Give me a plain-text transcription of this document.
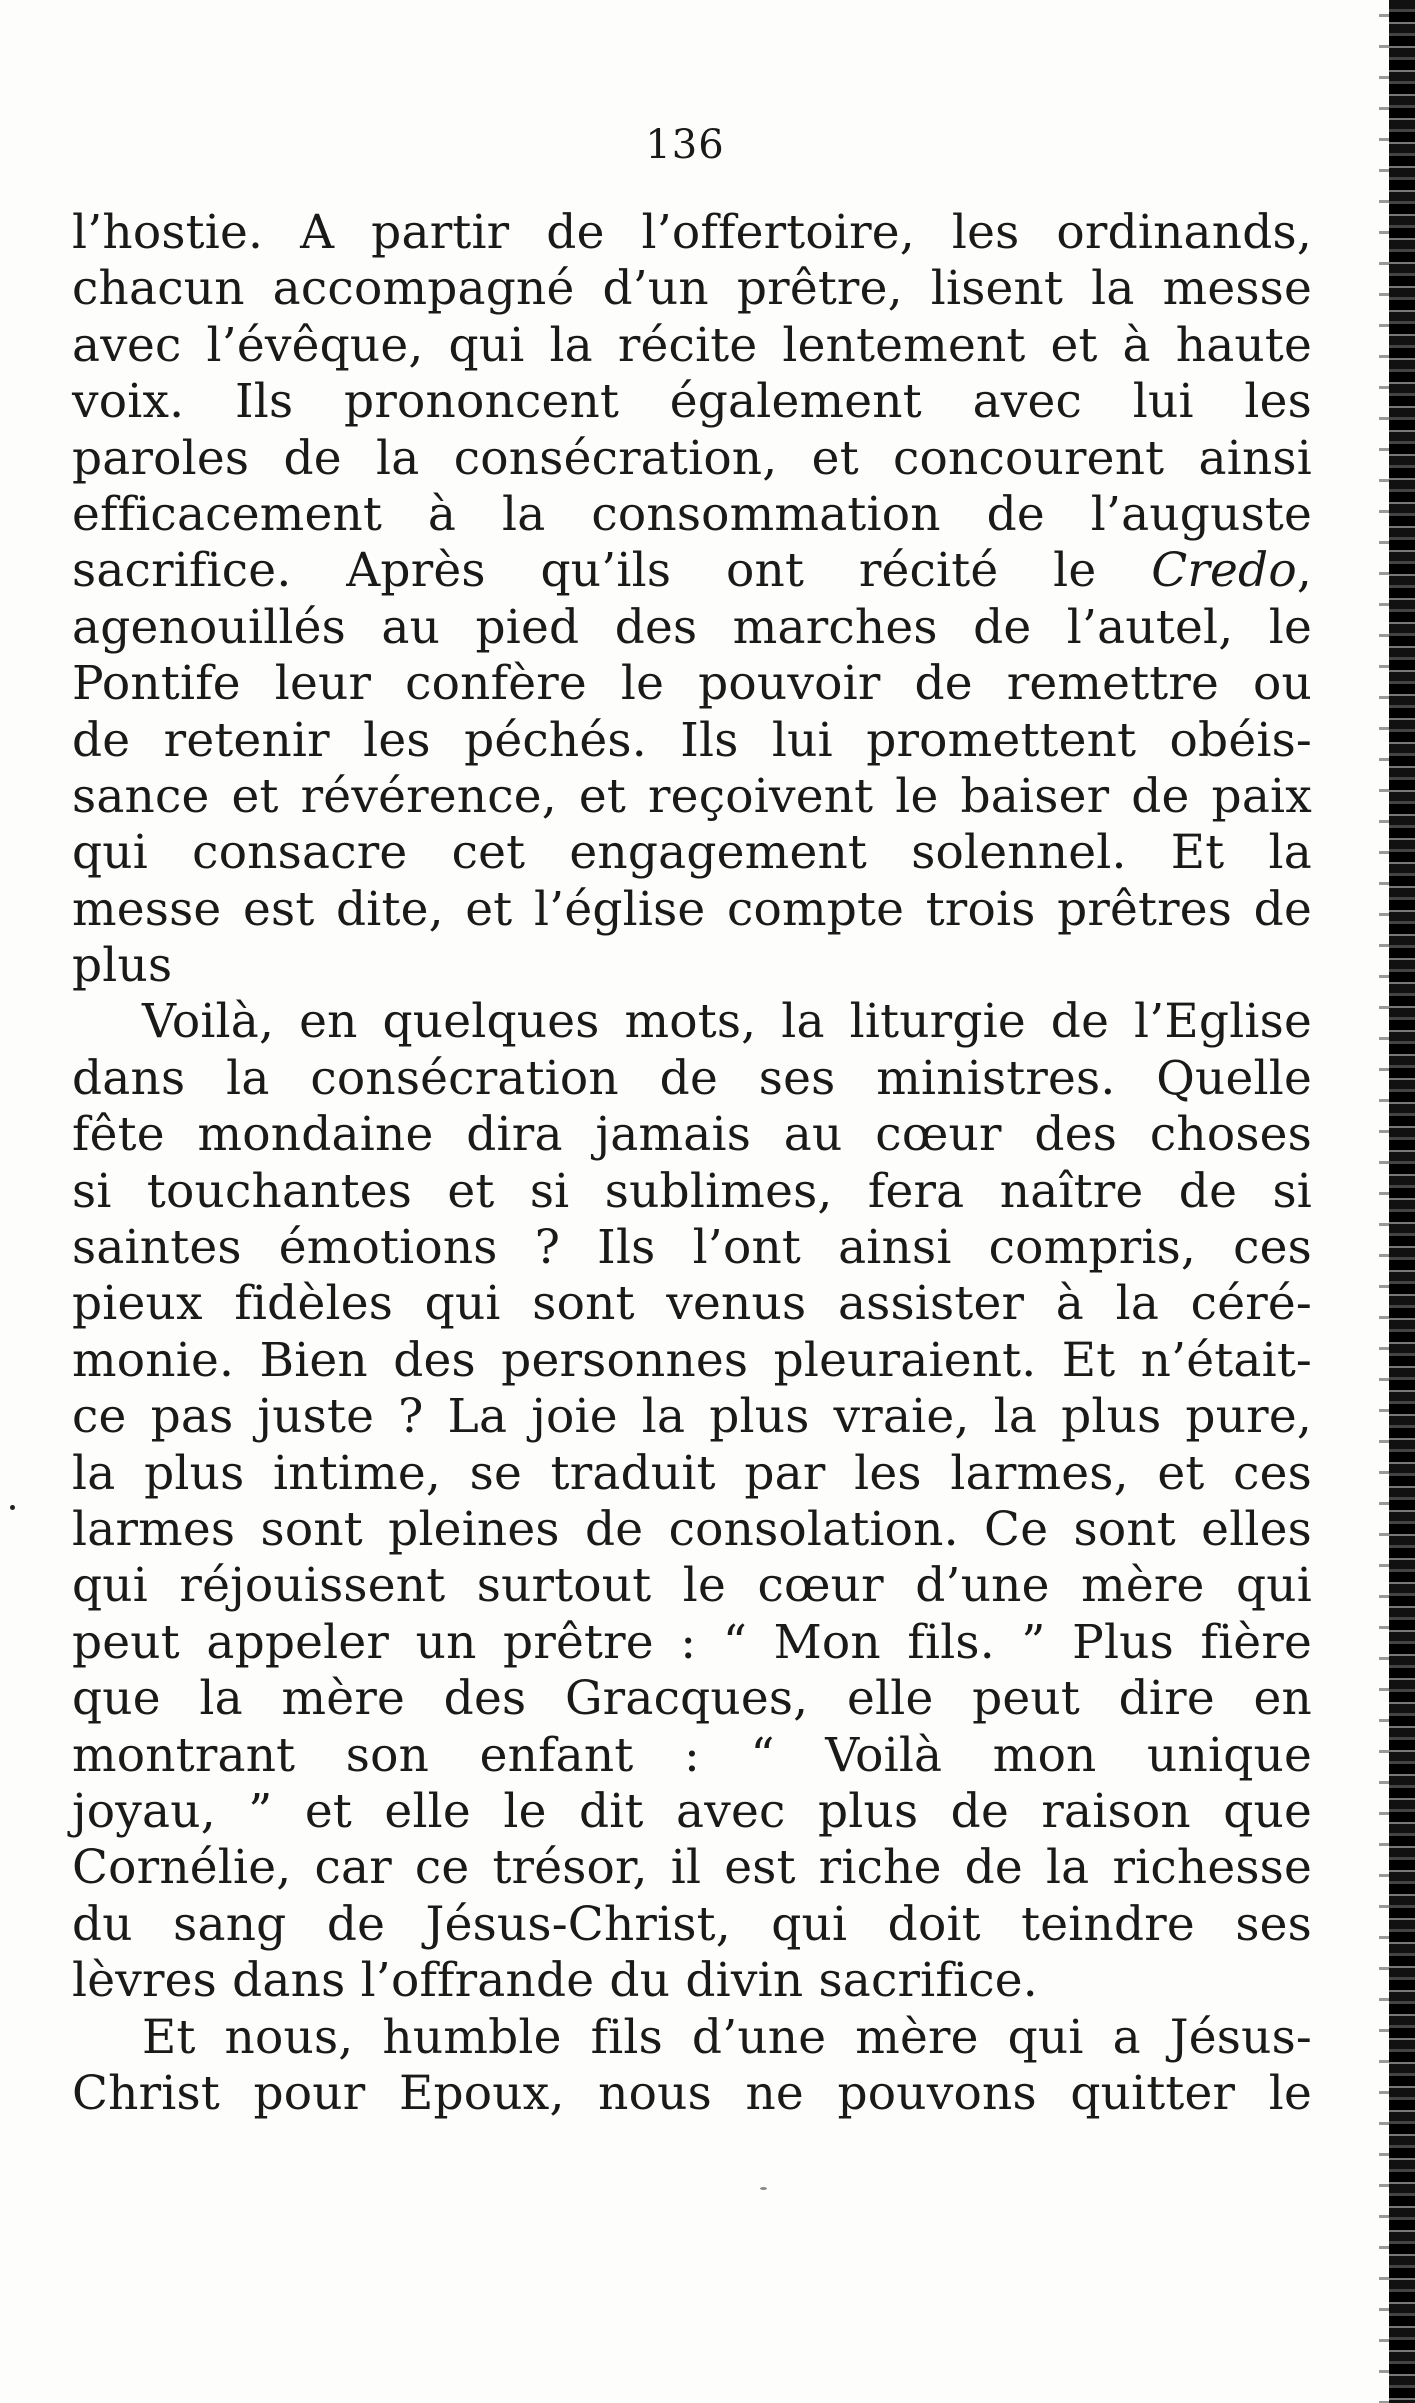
136
l’hostie. A partir de l’offertoire, les ordinands,
chacun accompagné d’un prêtre, lisent la messe
avec l’évêque, qui la récite lentement et à haute
voix. Ils prononcent également avec lui les
paroles de la consécration, et concourent ainsi
efficacement à la consommation de l’auguste
sacrifice. Après qu’ils ont récité le Credo,
agenouillés au pied des marches de l’autel, le
Pontife leur confère le pouvoir de remettre ou
de retenir les péchés. Ils lui promettent obéis-
sance et révérence, et reçoivent le baiser de paix
qui consacre cet engagement solennel. Et la
messe est dite, et l’église compte trois prêtres de
plus
Voilà, en quelques mots, la liturgie de l’Eglise
dans la consécration de ses ministres. Quelle
fête mondaine dira jamais au cœur des choses
si touchantes et si sublimes, fera naître de si
saintes émotions ? Ils l’ont ainsi compris, ces
pieux fidèles qui sont venus assister à la céré-
monie. Bien des personnes pleuraient. Et n’était-
ce pas juste ? La joie la plus vraie, la plus pure,
la plus intime, se traduit par les larmes, et ces
larmes sont pleines de consolation. Ce sont elles
qui réjouissent surtout le cœur d’une mère qui
peut appeler un prêtre : “ Mon fils. ” Plus fière
que la mère des Gracques, elle peut dire en
montrant son enfant : “ Voilà mon unique
joyau, ” et elle le dit avec plus de raison que
Cornélie, car ce trésor, il est riche de la richesse
du sang de Jésus-Christ, qui doit teindre ses
lèvres dans l’offrande du divin sacrifice.
Et nous, humble fils d’une mère qui a Jésus-
Christ pour Epoux, nous ne pouvons quitter le
